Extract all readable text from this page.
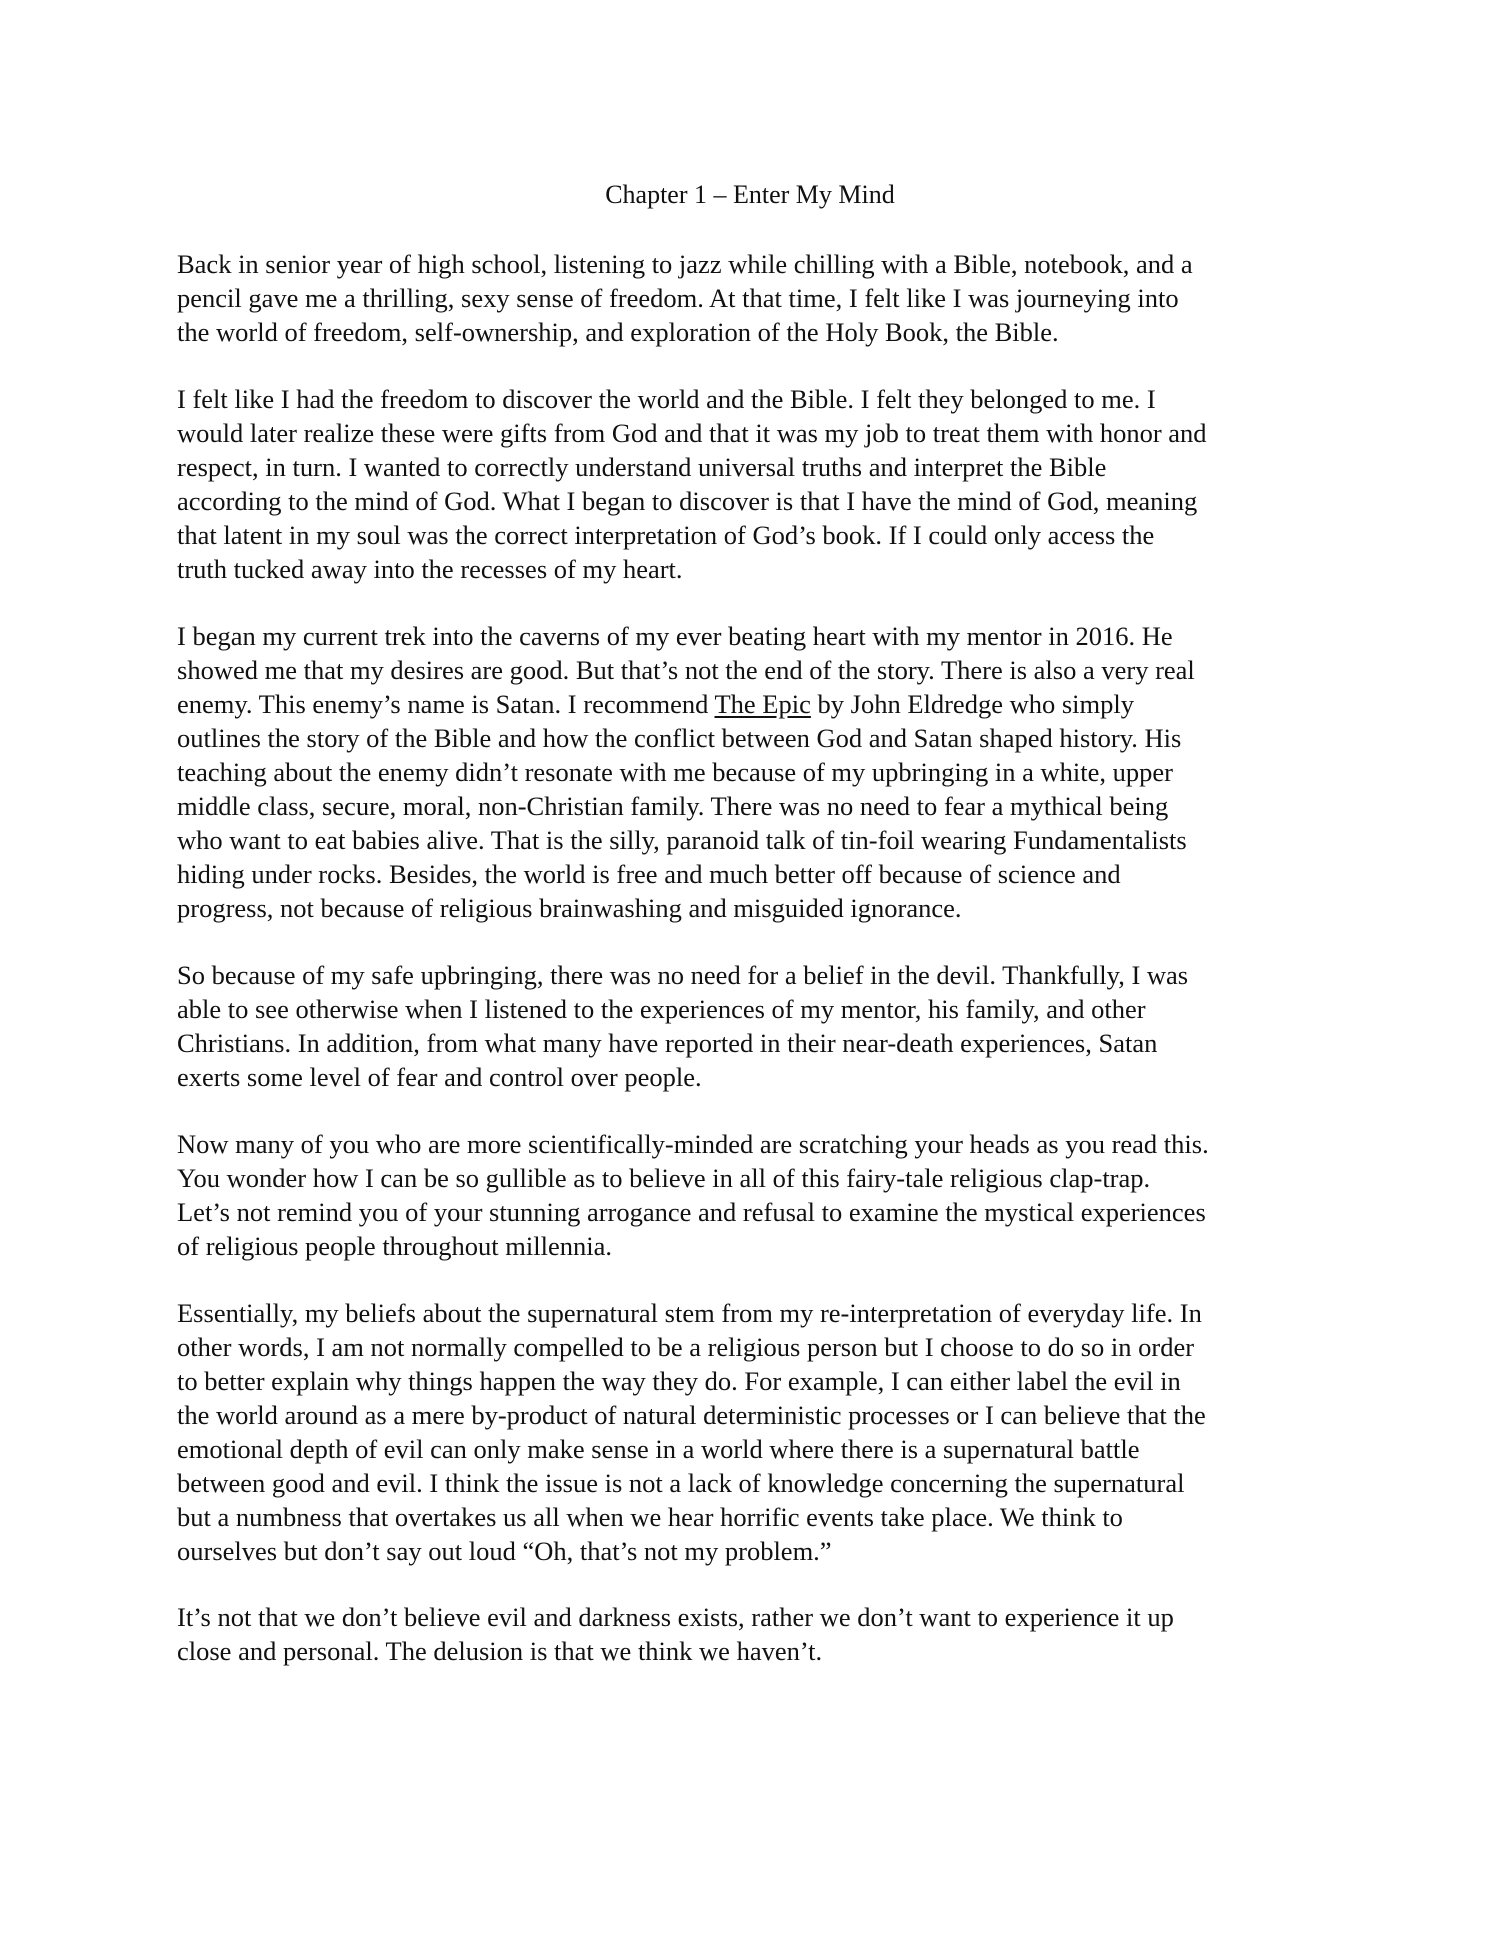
Chapter 1 – Enter My Mind

Back in senior year of high school, listening to jazz while chilling with a Bible, notebook, and a
pencil gave me a thrilling, sexy sense of freedom. At that time, I felt like I was journeying into
the world of freedom, self-ownership, and exploration of the Holy Book, the Bible.

I felt like I had the freedom to discover the world and the Bible. I felt they belonged to me. I
would later realize these were gifts from God and that it was my job to treat them with honor and
respect, in turn. I wanted to correctly understand universal truths and interpret the Bible
according to the mind of God. What I began to discover is that I have the mind of God, meaning
that latent in my soul was the correct interpretation of God’s book. If I could only access the
truth tucked away into the recesses of my heart.

I began my current trek into the caverns of my ever beating heart with my mentor in 2016. He
showed me that my desires are good. But that’s not the end of the story. There is also a very real
enemy. This enemy’s name is Satan. I recommend The Epic by John Eldredge who simply
outlines the story of the Bible and how the conflict between God and Satan shaped history. His
teaching about the enemy didn’t resonate with me because of my upbringing in a white, upper
middle class, secure, moral, non-Christian family. There was no need to fear a mythical being
who want to eat babies alive. That is the silly, paranoid talk of tin-foil wearing Fundamentalists
hiding under rocks. Besides, the world is free and much better off because of science and
progress, not because of religious brainwashing and misguided ignorance.

So because of my safe upbringing, there was no need for a belief in the devil. Thankfully, I was
able to see otherwise when I listened to the experiences of my mentor, his family, and other
Christians. In addition, from what many have reported in their near-death experiences, Satan
exerts some level of fear and control over people.

Now many of you who are more scientifically-minded are scratching your heads as you read this.
You wonder how I can be so gullible as to believe in all of this fairy-tale religious clap-trap.
Let’s not remind you of your stunning arrogance and refusal to examine the mystical experiences
of religious people throughout millennia.

Essentially, my beliefs about the supernatural stem from my re-interpretation of everyday life. In
other words, I am not normally compelled to be a religious person but I choose to do so in order
to better explain why things happen the way they do. For example, I can either label the evil in
the world around as a mere by-product of natural deterministic processes or I can believe that the
emotional depth of evil can only make sense in a world where there is a supernatural battle
between good and evil. I think the issue is not a lack of knowledge concerning the supernatural
but a numbness that overtakes us all when we hear horrific events take place. We think to
ourselves but don’t say out loud “Oh, that’s not my problem.”

It’s not that we don’t believe evil and darkness exists, rather we don’t want to experience it up
close and personal. The delusion is that we think we haven’t.
